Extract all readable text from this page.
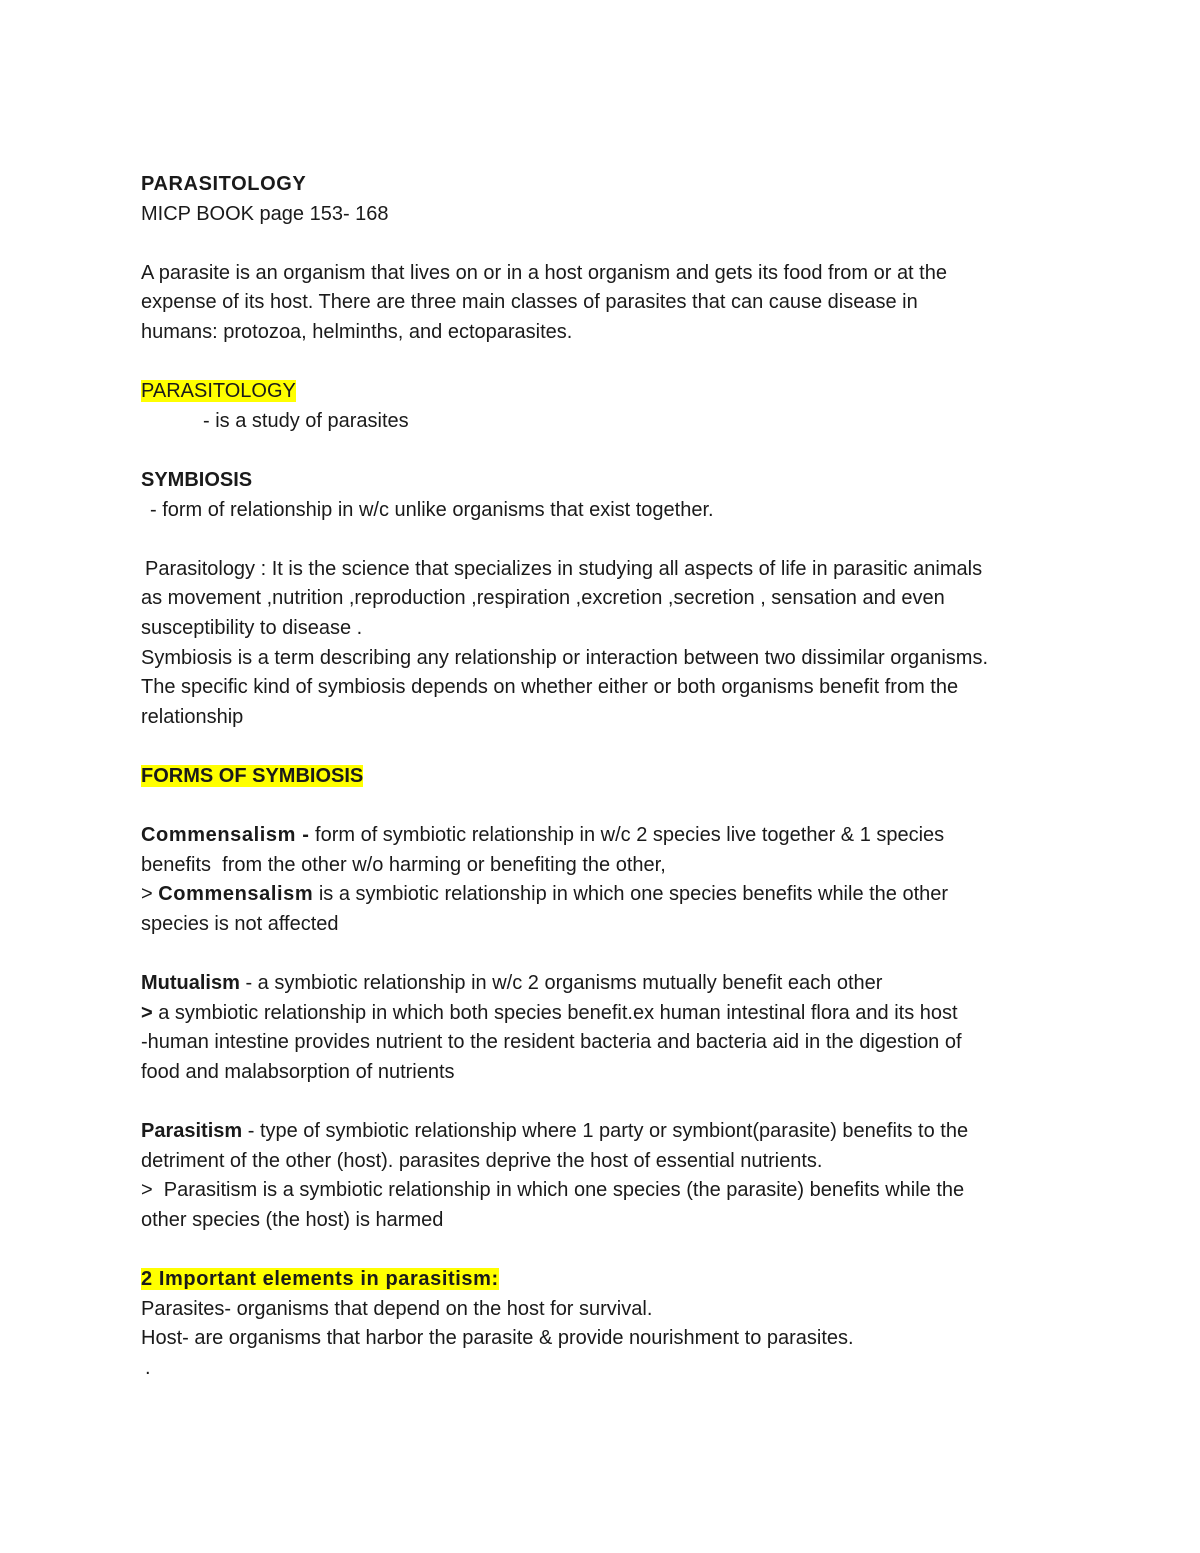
PARASITOLOGY
MICP BOOK page 153- 168
A parasite is an organism that lives on or in a host organism and gets its food from or at the
expense of its host. There are three main classes of parasites that can cause disease in
humans: protozoa, helminths, and ectoparasites.
PARASITOLOGY
- is a study of parasites
SYMBIOSIS
- form of relationship in w/c unlike organisms that exist together.
Parasitology : It is the science that specializes in studying all aspects of life in parasitic animals
as movement ,nutrition ,reproduction ,respiration ,excretion ,secretion , sensation and even
susceptibility to disease .
Symbiosis is a term describing any relationship or interaction between two dissimilar organisms.
The specific kind of symbiosis depends on whether either or both organisms benefit from the
relationship
FORMS OF SYMBIOSIS
Commensalism - form of symbiotic relationship in w/c 2 species live together & 1 species
benefits  from the other w/o harming or benefiting the other,
> Commensalism is a symbiotic relationship in which one species benefits while the other
species is not affected
Mutualism - a symbiotic relationship in w/c 2 organisms mutually benefit each other
> a symbiotic relationship in which both species benefit.ex human intestinal flora and its host
-human intestine provides nutrient to the resident bacteria and bacteria aid in the digestion of
food and malabsorption of nutrients
Parasitism - type of symbiotic relationship where 1 party or symbiont(parasite) benefits to the
detriment of the other (host). parasites deprive the host of essential nutrients.
>  Parasitism is a symbiotic relationship in which one species (the parasite) benefits while the
other species (the host) is harmed
2 Important elements in parasitism:
Parasites- organisms that depend on the host for survival.
Host- are organisms that harbor the parasite & provide nourishment to parasites.
.
